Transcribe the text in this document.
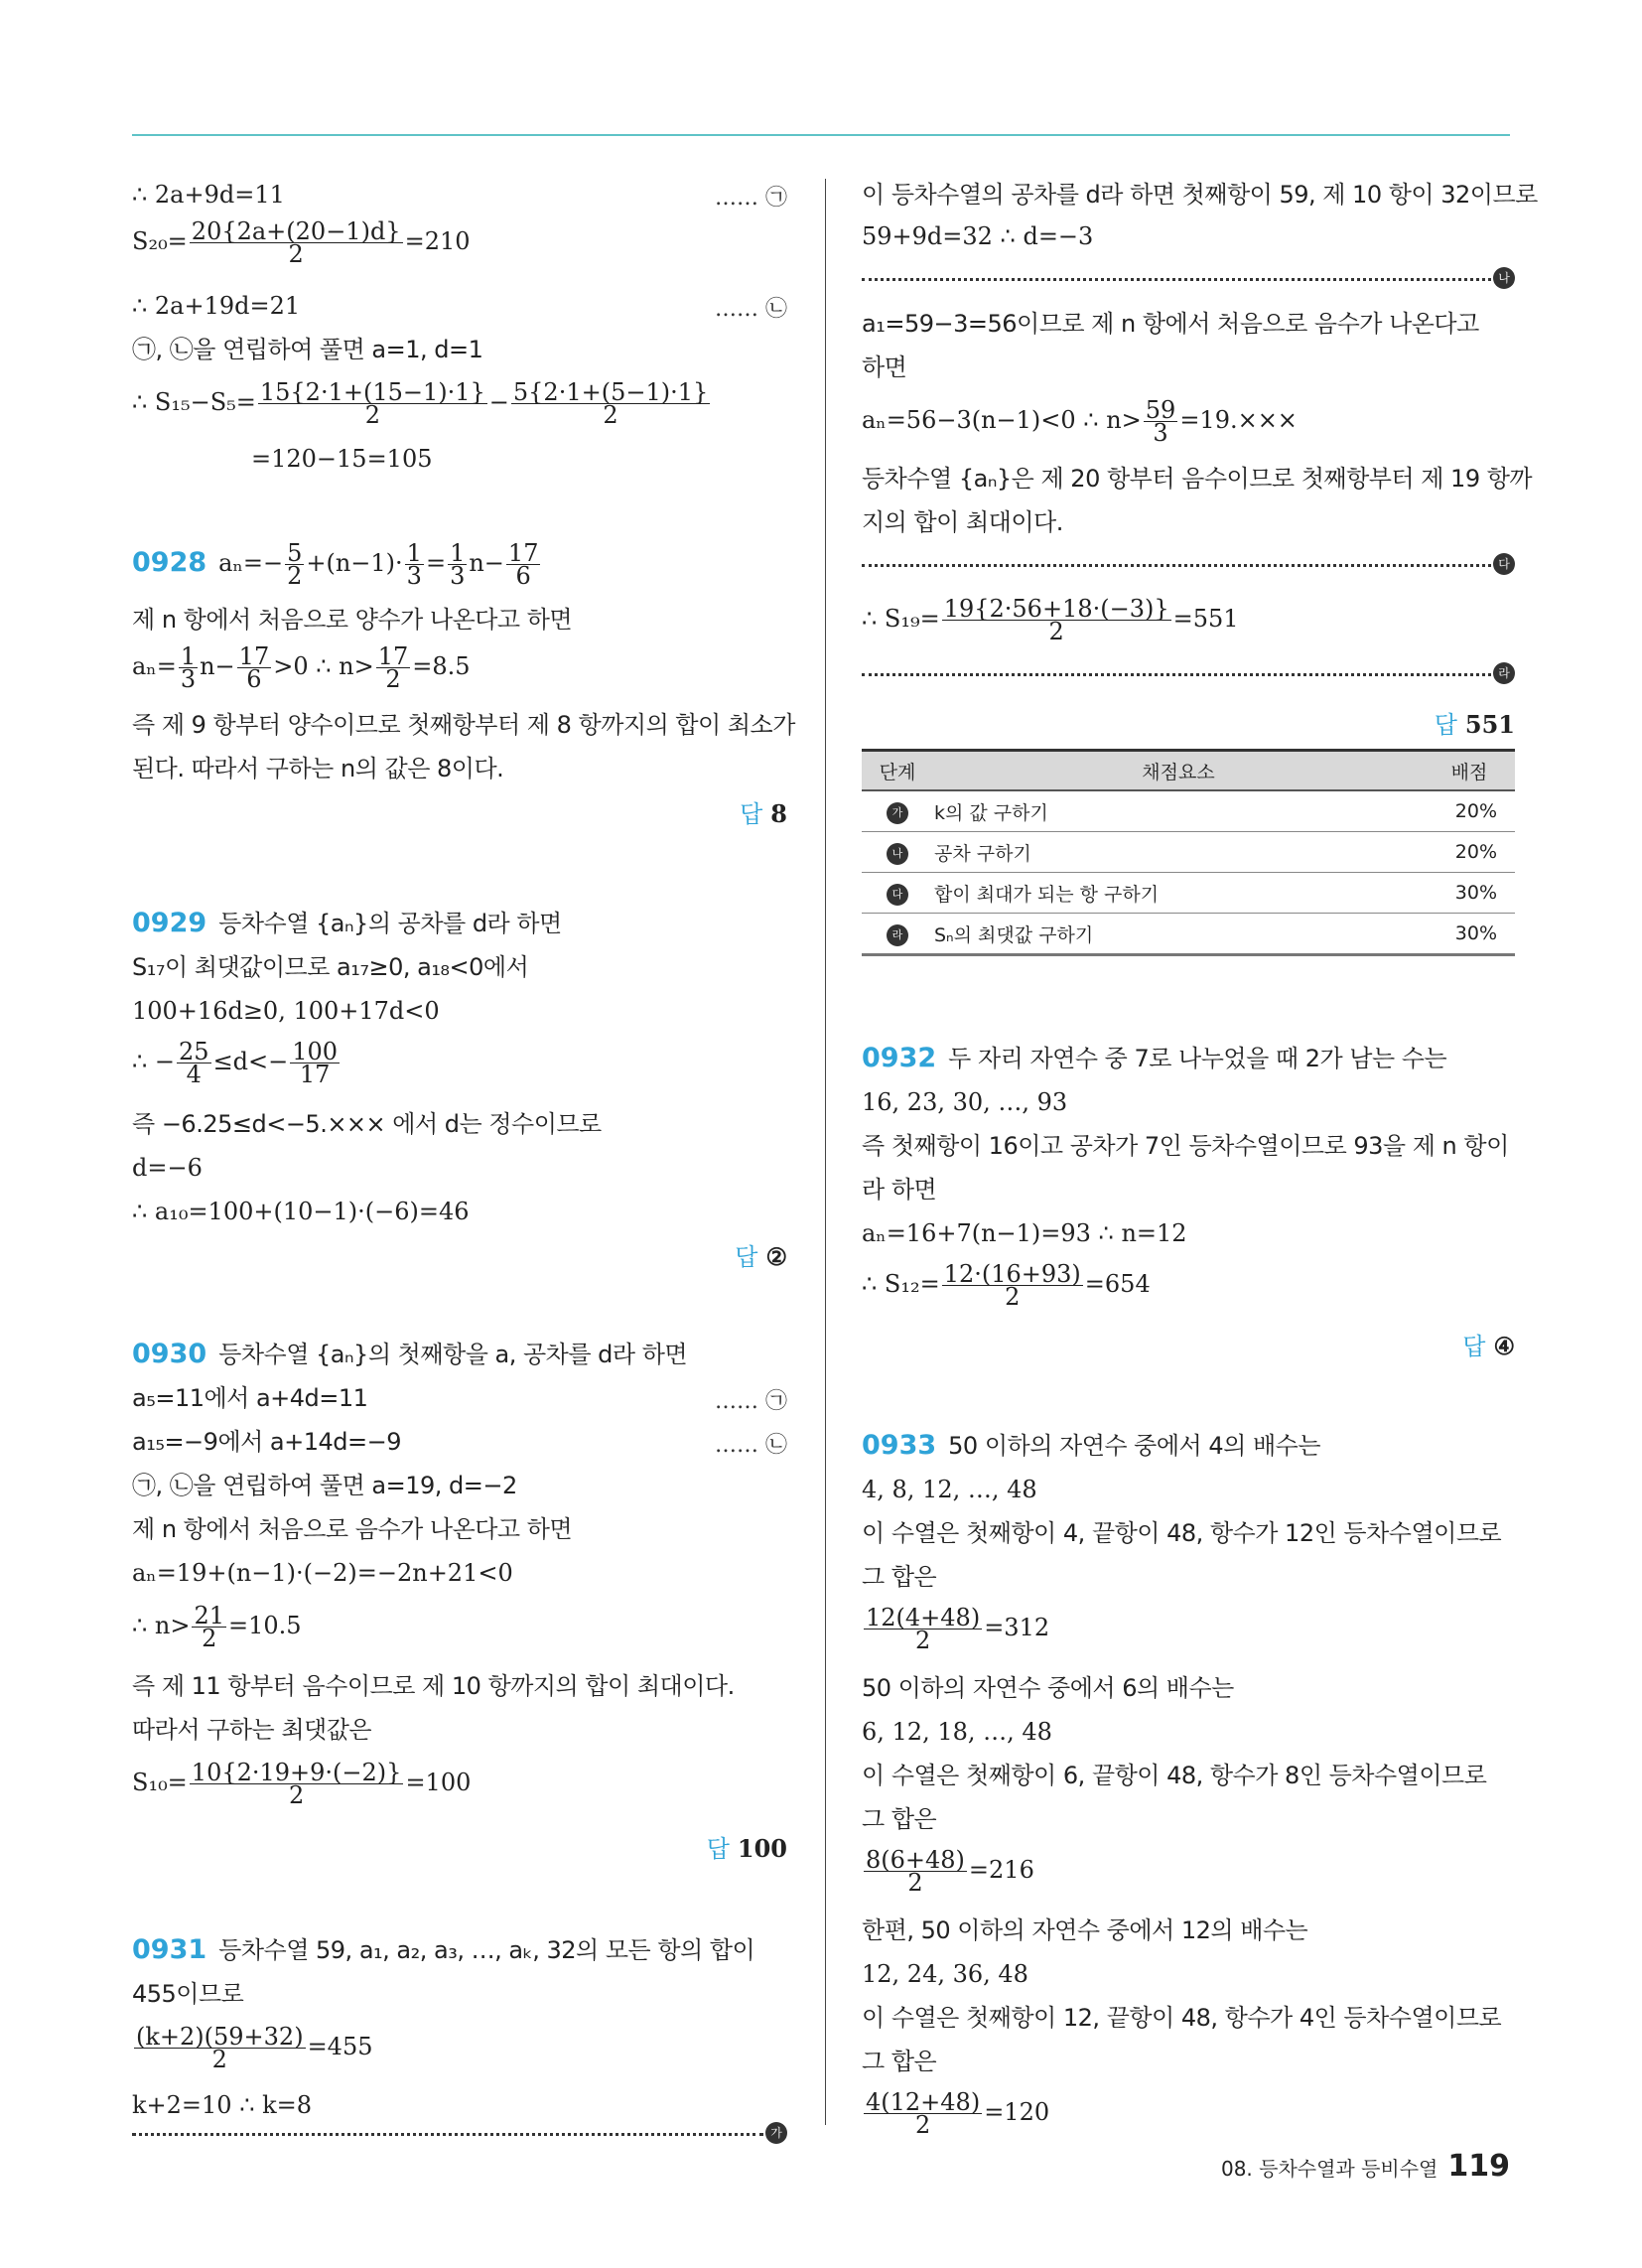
∴ 2a+9d=11	…… ㉠
$S_{20}= \frac{20\{2a+(20-1)d\}}{2} =210$
∴ 2a+19d=21	…… ㉡
㉠, ㉡을 연립하여 풀면 a=1, d=1
∴ $S_{15}-S_5= \frac{15\{2\cdot 1+(15-1)\cdot 1\}}{2} - \frac{5\{2\cdot 1+(5-1)\cdot 1\}}{2}$
=120−15=105
0928 $a_n=- \frac{5}{2} +(n-1)\cdot \frac{1}{3} = \frac{1}{3} n- \frac{17}{6}$
제 n 항에서 처음으로 양수가 나온다고 하면
$a_n= \frac{1}{3} n- \frac{17}{6} >0$ ∴ $n> \frac{17}{2} =8.5$
즉 제 9 항부터 양수이므로 첫째항부터 제 8 항까지의 합이 최소가
된다. 따라서 구하는 n의 값은 8이다.
답 8
0929 등차수열 {aₙ}의 공차를 d라 하면
S₁₇이 최댓값이므로 a₁₇≥0, a₁₈<0에서
100+16d≥0, 100+17d<0
∴ − $\frac{25}{4} \le d<- \frac{100}{17}$
즉 −6.25≤d<−5.××× 에서 d는 정수이므로
d=−6
∴ a₁₀=100+(10−1)·(−6)=46
답 ②
0930 등차수열 {aₙ}의 첫째항을 a, 공차를 d라 하면
a₅=11에서 a+4d=11	…… ㉠
a₁₅=−9에서 a+14d=−9	…… ㉡
㉠, ㉡을 연립하여 풀면 a=19, d=−2
제 n 항에서 처음으로 음수가 나온다고 하면
aₙ=19+(n−1)·(−2)=−2n+21<0
∴ $n> \frac{21}{2} =10.5$
즉 제 11 항부터 음수이므로 제 10 항까지의 합이 최대이다.
따라서 구하는 최댓값은
$S_{10}= \frac{10\{2\cdot 19+9\cdot(-2)\}}{2} =100$
답 100
0931 등차수열 59, a₁, a₂, a₃, …, aₖ, 32의 모든 항의 합이
455이므로
$\frac{(k+2)(59+32)}{2} =455$
k+2=10 ∴ k=8
가
이 등차수열의 공차를 d라 하면 첫째항이 59, 제 10 항이 32이므로
59+9d=32 ∴ d=−3
나
a₁=59−3=56이므로 제 n 항에서 처음으로 음수가 나온다고
하면
aₙ=56−3(n−1)<0 ∴ $n> \frac{59}{3} =19.\times\times\times$
등차수열 {aₙ}은 제 20 항부터 음수이므로 첫째항부터 제 19 항까
지의 합이 최대이다.
다
∴ $S_{19}= \frac{19\{2\cdot 56+18\cdot(-3)\}}{2} =551$
라
답 551
단계	채점요소	배점
가	k의 값 구하기	20%
나	공차 구하기	20%
다	합이 최대가 되는 항 구하기	30%
라	Sₙ의 최댓값 구하기	30%
0932 두 자리 자연수 중 7로 나누었을 때 2가 남는 수는
16, 23, 30, …, 93
즉 첫째항이 16이고 공차가 7인 등차수열이므로 93을 제 n 항이
라 하면
aₙ=16+7(n−1)=93 ∴ n=12
∴ $S_{12}= \frac{12\cdot(16+93)}{2} =654$
답 ④
0933 50 이하의 자연수 중에서 4의 배수는
4, 8, 12, …, 48
이 수열은 첫째항이 4, 끝항이 48, 항수가 12인 등차수열이므로
그 합은
$\frac{12(4+48)}{2} =312$
50 이하의 자연수 중에서 6의 배수는
6, 12, 18, …, 48
이 수열은 첫째항이 6, 끝항이 48, 항수가 8인 등차수열이므로
그 합은
$\frac{8(6+48)}{2} =216$
한편, 50 이하의 자연수 중에서 12의 배수는
12, 24, 36, 48
이 수열은 첫째항이 12, 끝항이 48, 항수가 4인 등차수열이므로
그 합은
$\frac{4(12+48)}{2} =120$
08. 등차수열과 등비수열 119
